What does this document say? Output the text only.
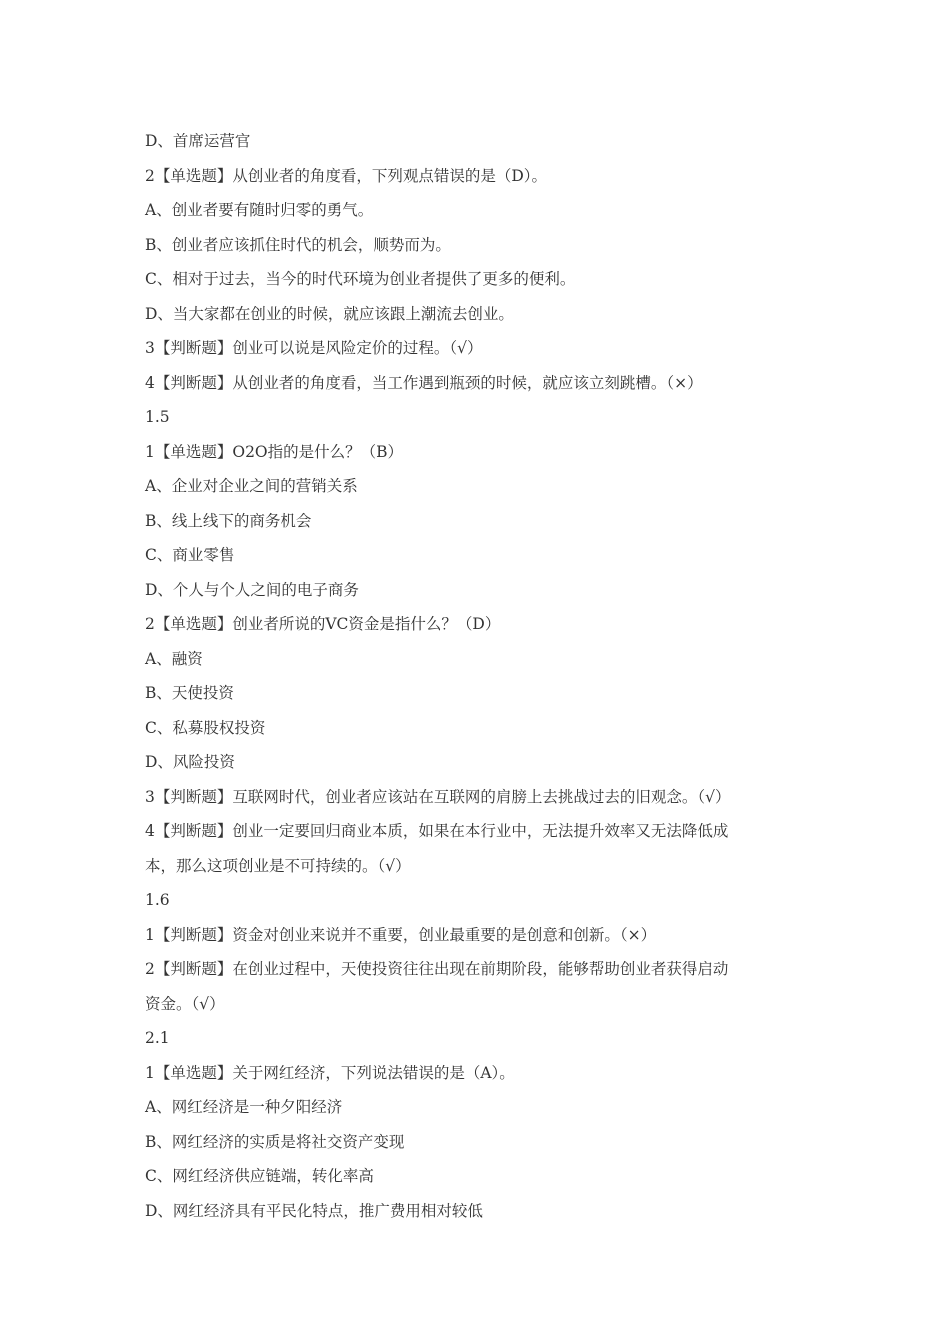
D、首席运营官
2【单选题】从创业者的角度看，下列观点错误的是（D）。
A、创业者要有随时归零的勇气。
B、创业者应该抓住时代的机会，顺势而为。
C、相对于过去，当今的时代环境为创业者提供了更多的便利。
D、当大家都在创业的时候，就应该跟上潮流去创业。
3【判断题】创业可以说是风险定价的过程。（√）
4【判断题】从创业者的角度看，当工作遇到瓶颈的时候，就应该立刻跳槽。（×）
1.5
1【单选题】O2O指的是什么？（B）
A、企业对企业之间的营销关系
B、线上线下的商务机会
C、商业零售
D、个人与个人之间的电子商务
2【单选题】创业者所说的VC资金是指什么？（D）
A、融资
B、天使投资
C、私募股权投资
D、风险投资
3【判断题】互联网时代，创业者应该站在互联网的肩膀上去挑战过去的旧观念。（√）
4【判断题】创业一定要回归商业本质，如果在本行业中，无法提升效率又无法降低成
本，那么这项创业是不可持续的。（√）
1.6
1【判断题】资金对创业来说并不重要，创业最重要的是创意和创新。（×）
2【判断题】在创业过程中，天使投资往往出现在前期阶段，能够帮助创业者获得启动
资金。（√）
2.1
1【单选题】关于网红经济，下列说法错误的是（A）。
A、网红经济是一种夕阳经济
B、网红经济的实质是将社交资产变现
C、网红经济供应链端，转化率高
D、网红经济具有平民化特点，推广费用相对较低
